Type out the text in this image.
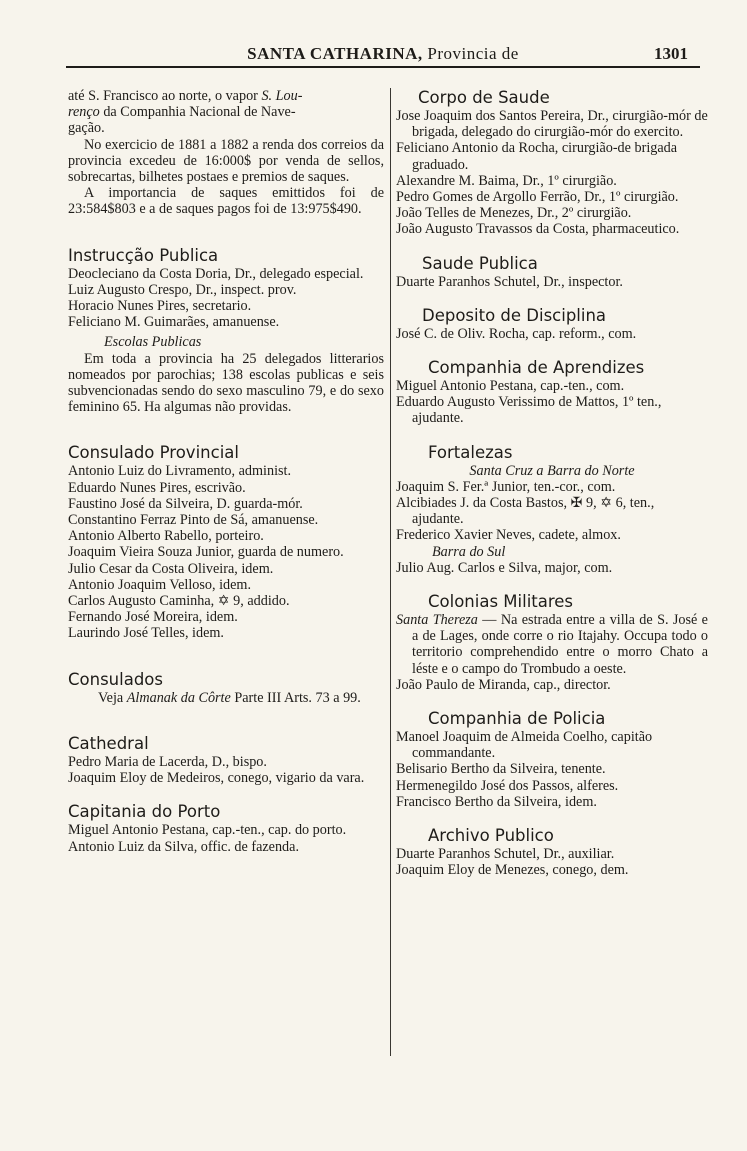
SANTA CATHARINA, Provincia de	1301

até S. Francisco ao norte, o vapor S. Lou-

renço da Companhia Nacional de Nave-

gação.

No exercicio de 1881 a 1882 a renda dos correios da provincia excedeu de 16:000$ por venda de sellos, sobrecartas, bilhetes postaes e premios de saques.

A importancia de saques emittidos foi de 23:584$803 e a de saques pagos foi de 13:975$490.

Instrucção Publica

Deocleciano da Costa Doria, Dr., delegado especial.

Luiz Augusto Crespo, Dr., inspect. prov.

Horacio Nunes Pires, secretario.

Feliciano M. Guimarães, amanuense.

Escolas Publicas

Em toda a provincia ha 25 delegados litterarios nomeados por parochias; 138 escolas publicas e seis subvencionadas sendo do sexo masculino 79, e do sexo feminino 65. Ha algumas não providas.

Consulado Provincial

Antonio Luiz do Livramento, administ.

Eduardo Nunes Pires, escrivão.

Faustino José da Silveira, D. guarda-mór.

Constantino Ferraz Pinto de Sá, amanuense.

Antonio Alberto Rabello, porteiro.

Joaquim Vieira Souza Junior, guarda de numero.

Julio Cesar da Costa Oliveira, idem.

Antonio Joaquim Velloso, idem.

Carlos Augusto Caminha, ✡ 9, addido.

Fernando José Moreira, idem.

Laurindo José Telles, idem.

Consulados

Veja Almanak da Côrte Parte III Arts. 73 a 99.

Cathedral

Pedro Maria de Lacerda, D., bispo.

Joaquim Eloy de Medeiros, conego, vigario da vara.

Capitania do Porto

Miguel Antonio Pestana, cap.-ten., cap. do porto.

Antonio Luiz da Silva, offic. de fazenda.

Corpo de Saude

Jose Joaquim dos Santos Pereira, Dr., cirurgião-mór de brigada, delegado do cirurgião-mór do exercito.

Feliciano Antonio da Rocha, cirurgião-de brigada graduado.

Alexandre M. Baima, Dr., 1º cirurgião.

Pedro Gomes de Argollo Ferrão, Dr., 1º cirurgião.

João Telles de Menezes, Dr., 2º cirurgião.

João Augusto Travassos da Costa, pharmaceutico.

Saude Publica

Duarte Paranhos Schutel, Dr., inspector.

Deposito de Disciplina

José C. de Oliv. Rocha, cap. reform., com.

Companhia de Aprendizes

Miguel Antonio Pestana, cap.-ten., com.

Eduardo Augusto Verissimo de Mattos, 1º ten., ajudante.

Fortalezas

Santa Cruz a Barra do Norte

Joaquim S. Fer.ª Junior, ten.-cor., com.

Alcibiades J. da Costa Bastos, ✠ 9, ✡ 6, ten., ajudante.

Frederico Xavier Neves, cadete, almox.

Barra do Sul

Julio Aug. Carlos e Silva, major, com.

Colonias Militares

Santa Thereza — Na estrada entre a villa de S. José e a de Lages, onde corre o rio Itajahy. Occupa todo o territorio comprehendido entre o morro Chato a léste e o campo do Trombudo a oeste.

João Paulo de Miranda, cap., director.

Companhia de Policia

Manoel Joaquim de Almeida Coelho, capitão commandante.

Belisario Bertho da Silveira, tenente.

Hermenegildo José dos Passos, alferes.

Francisco Bertho da Silveira, idem.

Archivo Publico

Duarte Paranhos Schutel, Dr., auxiliar.

Joaquim Eloy de Menezes, conego, dem.
